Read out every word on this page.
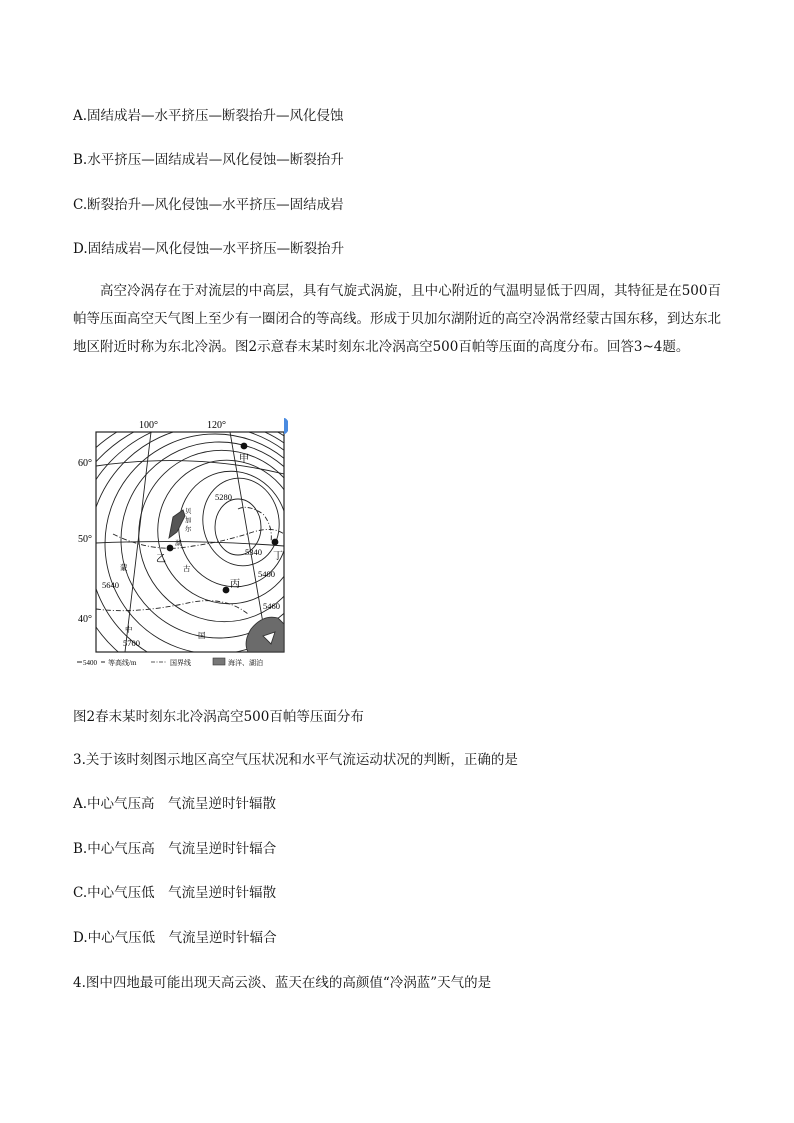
A.固结成岩—水平挤压—断裂抬升—风化侵蚀
B.水平挤压—固结成岩—风化侵蚀—断裂抬升
C.断裂抬升—风化侵蚀—水平挤压—固结成岩
D.固结成岩—风化侵蚀—水平挤压—断裂抬升
高空冷涡存在于对流层的中高层，具有气旋式涡旋，且中心附近的气温明显低于四周，其特征是在500百帕等压面高空天气图上至少有一圈闭合的等高线。形成于贝加尔湖附近的高空冷涡常经蒙古国东移，到达东北地区附近时称为东北冷涡。图2示意春末某时刻东北冷涡高空500百帕等压面的高度分布。回答3~4题。
100°	120°
60°
50°
40°
5280
5340
5400
5460
5640
5700
甲
乙
丙
丁
贝
加
尔
湖
蒙	古
中
国
5400 等高线/m	国界线	海洋、湖泊
图2春末某时刻东北冷涡高空500百帕等压面分布
3.关于该时刻图示地区高空气压状况和水平气流运动状况的判断，正确的是
A.中心气压高　气流呈逆时针辐散
B.中心气压高　气流呈逆时针辐合
C.中心气压低　气流呈逆时针辐散
D.中心气压低　气流呈逆时针辐合
4.图中四地最可能出现天高云淡、蓝天在线的高颜值“冷涡蓝”天气的是
